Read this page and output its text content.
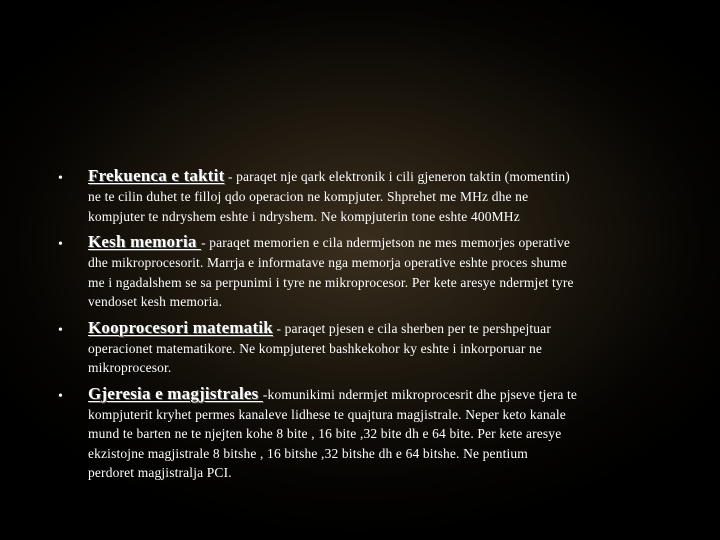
• Frekuenca e taktit - paraqet nje qark elektronik i cili gjeneron taktin (momentin)
ne te cilin duhet te filloj qdo operacion ne kompjuter. Shprehet me MHz dhe ne
kompjuter te ndryshem eshte i ndryshem. Ne kompjuterin tone eshte 400MHz
• Kesh memoria - paraqet memorien e cila ndermjetson ne mes memorjes operative
dhe mikroprocesorit. Marrja e informatave nga memorja operative eshte proces shume
me i ngadalshem se sa perpunimi i tyre ne mikroprocesor. Per kete aresye ndermjet tyre
vendoset kesh memoria.
• Kooprocesori matematik - paraqet pjesen e cila sherben per te pershpejtuar
operacionet matematikore. Ne kompjuteret bashkekohor ky eshte i inkorporuar ne
mikroprocesor.
• Gjeresia e magjistrales -komunikimi ndermjet mikroprocesrit dhe pjseve tjera te
kompjuterit kryhet permes kanaleve lidhese te quajtura magjistrale. Neper keto kanale
mund te barten ne te njejten kohe 8 bite , 16 bite ,32 bite dh e 64 bite. Per kete aresye
ekzistojne magjistrale 8 bitshe , 16 bitshe ,32 bitshe dh e 64 bitshe. Ne pentium
perdoret magjistralja PCI.
